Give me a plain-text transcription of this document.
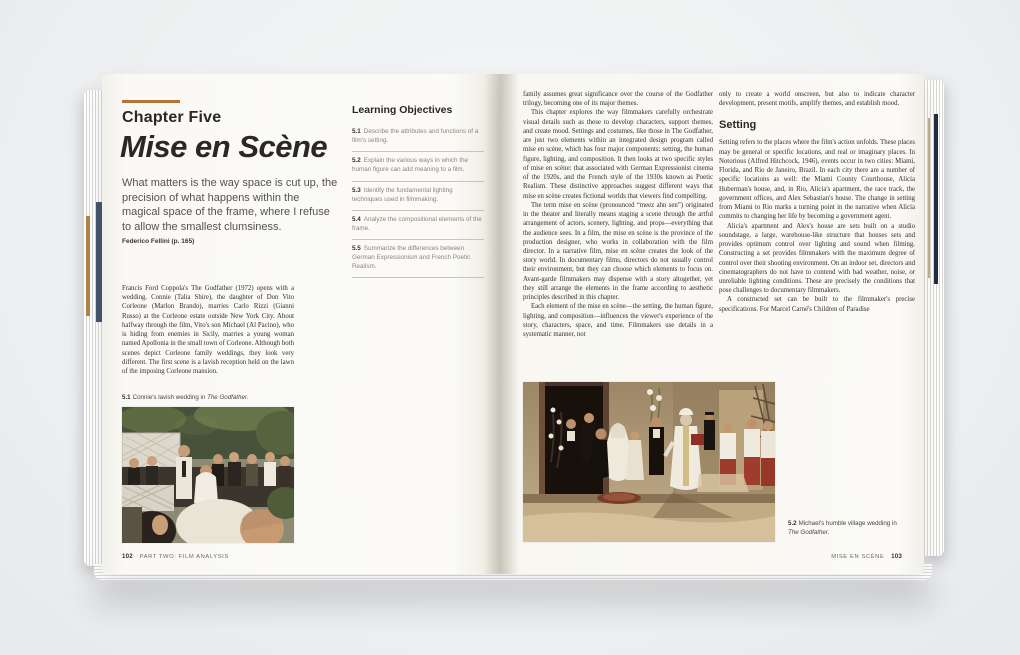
Chapter Five
Mise en Scène
What matters is the way space is cut up, the precision of what happens within the magical space of the frame, where I refuse to allow the smallest clumsiness.
Federico Fellini (p. 165)
Learning Objectives
5.1 Describe the attributes and functions of a film's setting.
5.2 Explain the various ways in which the human figure can add meaning to a film.
5.3 Identify the fundamental lighting techniques used in filmmaking.
5.4 Analyze the compositional elements of the frame.
5.5 Summarize the differences between German Expressionism and French Poetic Realism.

Francis Ford Coppola's The Godfather (1972) opens with a wedding. Connie (Talia Shire), the daughter of Don Vito Corleone (Marlon Brando), marries Carlo Rizzi (Gianni Russo) at the Corleone estate outside New York City. About halfway through the film, Vito's son Michael (Al Pacino), who is hiding from enemies in Sicily, marries a young woman named Apollonia in the small town of Corleone. Although both scenes depict Corleone family weddings, they look very different. The first scene is a lavish reception held on the lawn of the imposing Corleone mansion.

5.1 Connie's lavish wedding in The Godfather.
102 PART TWO: FILM ANALYSIS

family assumes great significance over the course of the Godfather trilogy, becoming one of its major themes.

This chapter explores the way filmmakers carefully orchestrate visual details such as these to develop characters, support themes, and create mood. Settings and costumes, like those in The Godfather, are just two elements within an integrated design program called mise en scène, which has four major components: setting, the human figure, lighting, and composition. It then looks at two specific styles of mise en scène: that associated with German Expressionist cinema of the 1920s, and the French style of the 1930s known as Poetic Realism. These distinctive approaches suggest different ways that mise en scène creates fictional worlds that viewers find compelling.

The term mise en scène (pronounced “meez ahn sen”) originated in the theater and literally means staging a scene through the artful arrangement of actors, scenery, lighting, and props—everything that the audience sees. In a film, the mise en scène is the province of the production designer, who works in collaboration with the film director. In a narrative film, mise en scène creates the look of the story world. In documentary films, directors do not usually control their environment, but they can choose which elements to focus on. Avant-garde filmmakers may dispense with a story altogether, yet they still arrange the elements in the frame according to aesthetic principles described in this chapter.

Each element of the mise en scène—the setting, the human figure, lighting, and composition—influences the viewer's experience of the story, characters, space, and time. Filmmakers use details in a systematic manner, not

only to create a world onscreen, but also to indicate character development, present motifs, amplify themes, and establish mood.

Setting

Setting refers to the places where the film's action unfolds. These places may be general or specific locations, and real or imaginary places. In Notorious (Alfred Hitchcock, 1946), events occur in two cities: Miami, Florida, and Rio de Janeiro, Brazil. In each city there are a number of specific locations as well: the Miami County Courthouse, Alicia Huberman's house, and, in Rio, Alicia's apartment, the race track, the government offices, and Alex Sebastian's house. The change in setting from Miami to Rio marks a turning point in the narrative when Alicia commits to changing her life by becoming a government agent.

Alicia's apartment and Alex's house are sets built on a studio soundstage, a large, warehouse-like structure that houses sets and provides optimum control over lighting and sound when filming. Constructing a set provides filmmakers with the maximum degree of control over their shooting environment. On an indoor set, directors and cinematographers do not have to contend with bad weather, noise, or unreliable lighting conditions. These are precisely the conditions that pose challenges to documentary filmmakers.

A constructed set can be built to the filmmaker's precise specifications. For Marcel Carné's Children of Paradise

5.2 Michael's humble village wedding in The Godfather.
MISE EN SCÈNE 103
